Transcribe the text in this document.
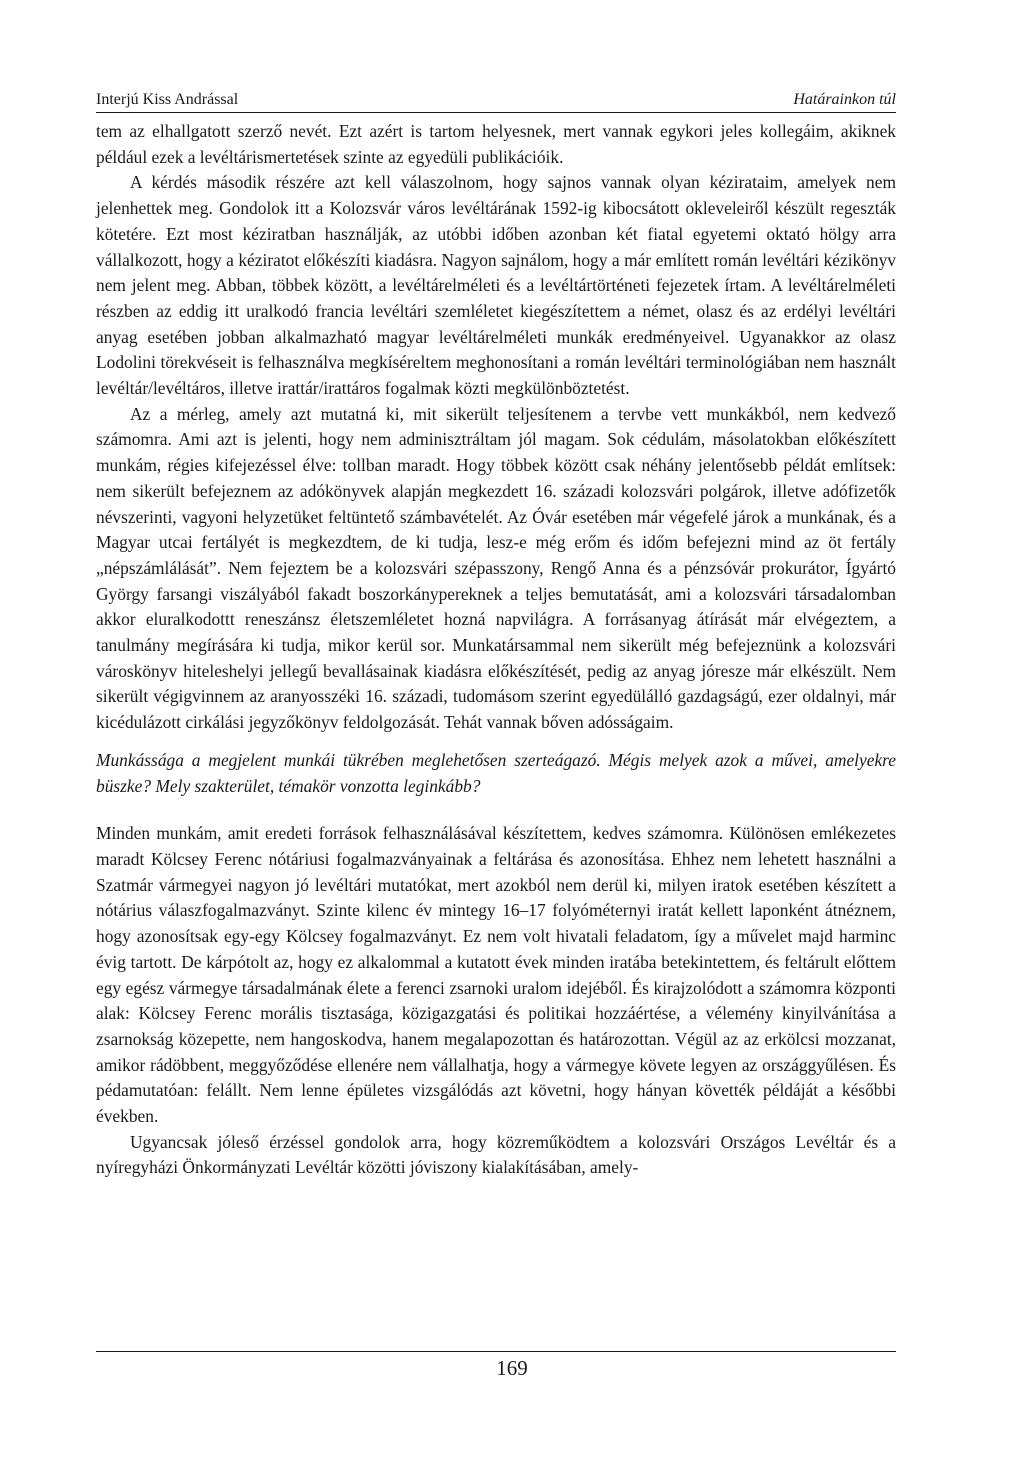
Interjú Kiss Andrással	Határainkon túl

tem az elhallgatott szerző nevét. Ezt azért is tartom helyesnek, mert vannak egykori jeles kollegáim, akiknek például ezek a levéltárismertetések szinte az egyedüli publikációik.

A kérdés második részére azt kell válaszolnom, hogy sajnos vannak olyan kézirataim, amelyek nem jelenhettek meg. Gondolok itt a Kolozsvár város levéltárának 1592-ig kibocsátott okleveleiről készült regeszták kötetére. Ezt most kéziratban használják, az utóbbi időben azonban két fiatal egyetemi oktató hölgy arra vállalkozott, hogy a kéziratot előkészíti kiadásra. Nagyon sajnálom, hogy a már említett román levéltári kézikönyv nem jelent meg. Abban, többek között, a levéltárelméleti és a levéltártörténeti fejezetek írtam. A levéltárelméleti részben az eddig itt uralkodó francia levéltári szemléletet kiegészítettem a német, olasz és az erdélyi levéltári anyag esetében jobban alkalmazható magyar levéltárelméleti munkák eredményeivel. Ugyanakkor az olasz Lodolini törekvéseit is felhasználva megkíséreltem meghonosítani a román levéltári terminológiában nem használt levéltár/levéltáros, illetve irattár/irattáros fogalmak közti megkülönböztetést.

Az a mérleg, amely azt mutatná ki, mit sikerült teljesítenem a tervbe vett munkákból, nem kedvező számomra. Ami azt is jelenti, hogy nem adminisztráltam jól magam. Sok cédulám, másolatokban előkészített munkám, régies kifejezéssel élve: tollban maradt. Hogy többek között csak néhány jelentősebb példát említsek: nem sikerült befejeznem az adókönyvek alapján megkezdett 16. századi kolozsvári polgárok, illetve adófizetők névszerinti, vagyoni helyzetüket feltüntető számbavételét. Az Óvár esetében már végefelé járok a munkának, és a Magyar utcai fertályét is megkezdtem, de ki tudja, lesz-e még erőm és időm befejezni mind az öt fertály „népszámlálását”. Nem fejeztem be a kolozsvári szépasszony, Rengő Anna és a pénzsóvár prokurátor, Ígyártó György farsangi viszályából fakadt boszorkánypereknek a teljes bemutatását, ami a kolozsvári társadalomban akkor eluralkodottt reneszánsz életszemléletet hozná napvilágra. A forrásanyag átírását már elvégeztem, a tanulmány megírására ki tudja, mikor kerül sor. Munkatársammal nem sikerült még befejeznünk a kolozsvári városkönyv hiteleshelyi jellegű bevallásainak kiadásra előkészítését, pedig az anyag jóresze már elkészült. Nem sikerült végigvinnem az aranyosszéki 16. századi, tudomásom szerint egyedülálló gazdagságú, ezer oldalnyi, már kicédulázott cirkálási jegyzőkönyv feldolgozását. Tehát vannak bőven adósságaim.

Munkássága a megjelent munkái tükrében meglehetősen szerteágazó. Mégis melyek azok a művei, amelyekre büszke? Mely szakterület, témakör vonzotta leginkább?

Minden munkám, amit eredeti források felhasználásával készítettem, kedves számomra. Különösen emlékezetes maradt Kölcsey Ferenc nótáriusi fogalmazványainak a feltárása és azonosítása. Ehhez nem lehetett használni a Szatmár vármegyei nagyon jó levéltári mutatókat, mert azokból nem derül ki, milyen iratok esetében készített a nótárius válaszfogalmazványt. Szinte kilenc év mintegy 16–17 folyóméternyi iratát kellett laponként átnéznem, hogy azonosítsak egy-egy Kölcsey fogalmazványt. Ez nem volt hivatali feladatom, így a művelet majd harminc évig tartott. De kárpótolt az, hogy ez alkalommal a kutatott évek minden iratába betekintettem, és feltárult előttem egy egész vármegye társadalmának élete a ferenci zsarnoki uralom idejéből. És kirajzolódott a számomra központi alak: Kölcsey Ferenc morális tisztasága, közigazgatási és politikai hozzáértése, a vélemény kinyilvánítása a zsarnokság közepette, nem hangoskodva, hanem megalapozottan és határozottan. Végül az az erkölcsi mozzanat, amikor rádöbbent, meggyőződése ellenére nem vállalhatja, hogy a vármegye követe legyen az országgyűlésen. És pédamutatóan: felállt. Nem lenne épületes vizsgálódás azt követni, hogy hányan követték példáját a későbbi években.

Ugyancsak jóleső érzéssel gondolok arra, hogy közreműködtem a kolozsvári Országos Levéltár és a nyíregyházi Önkormányzati Levéltár közötti jóviszony kialakításában, amely-

169
